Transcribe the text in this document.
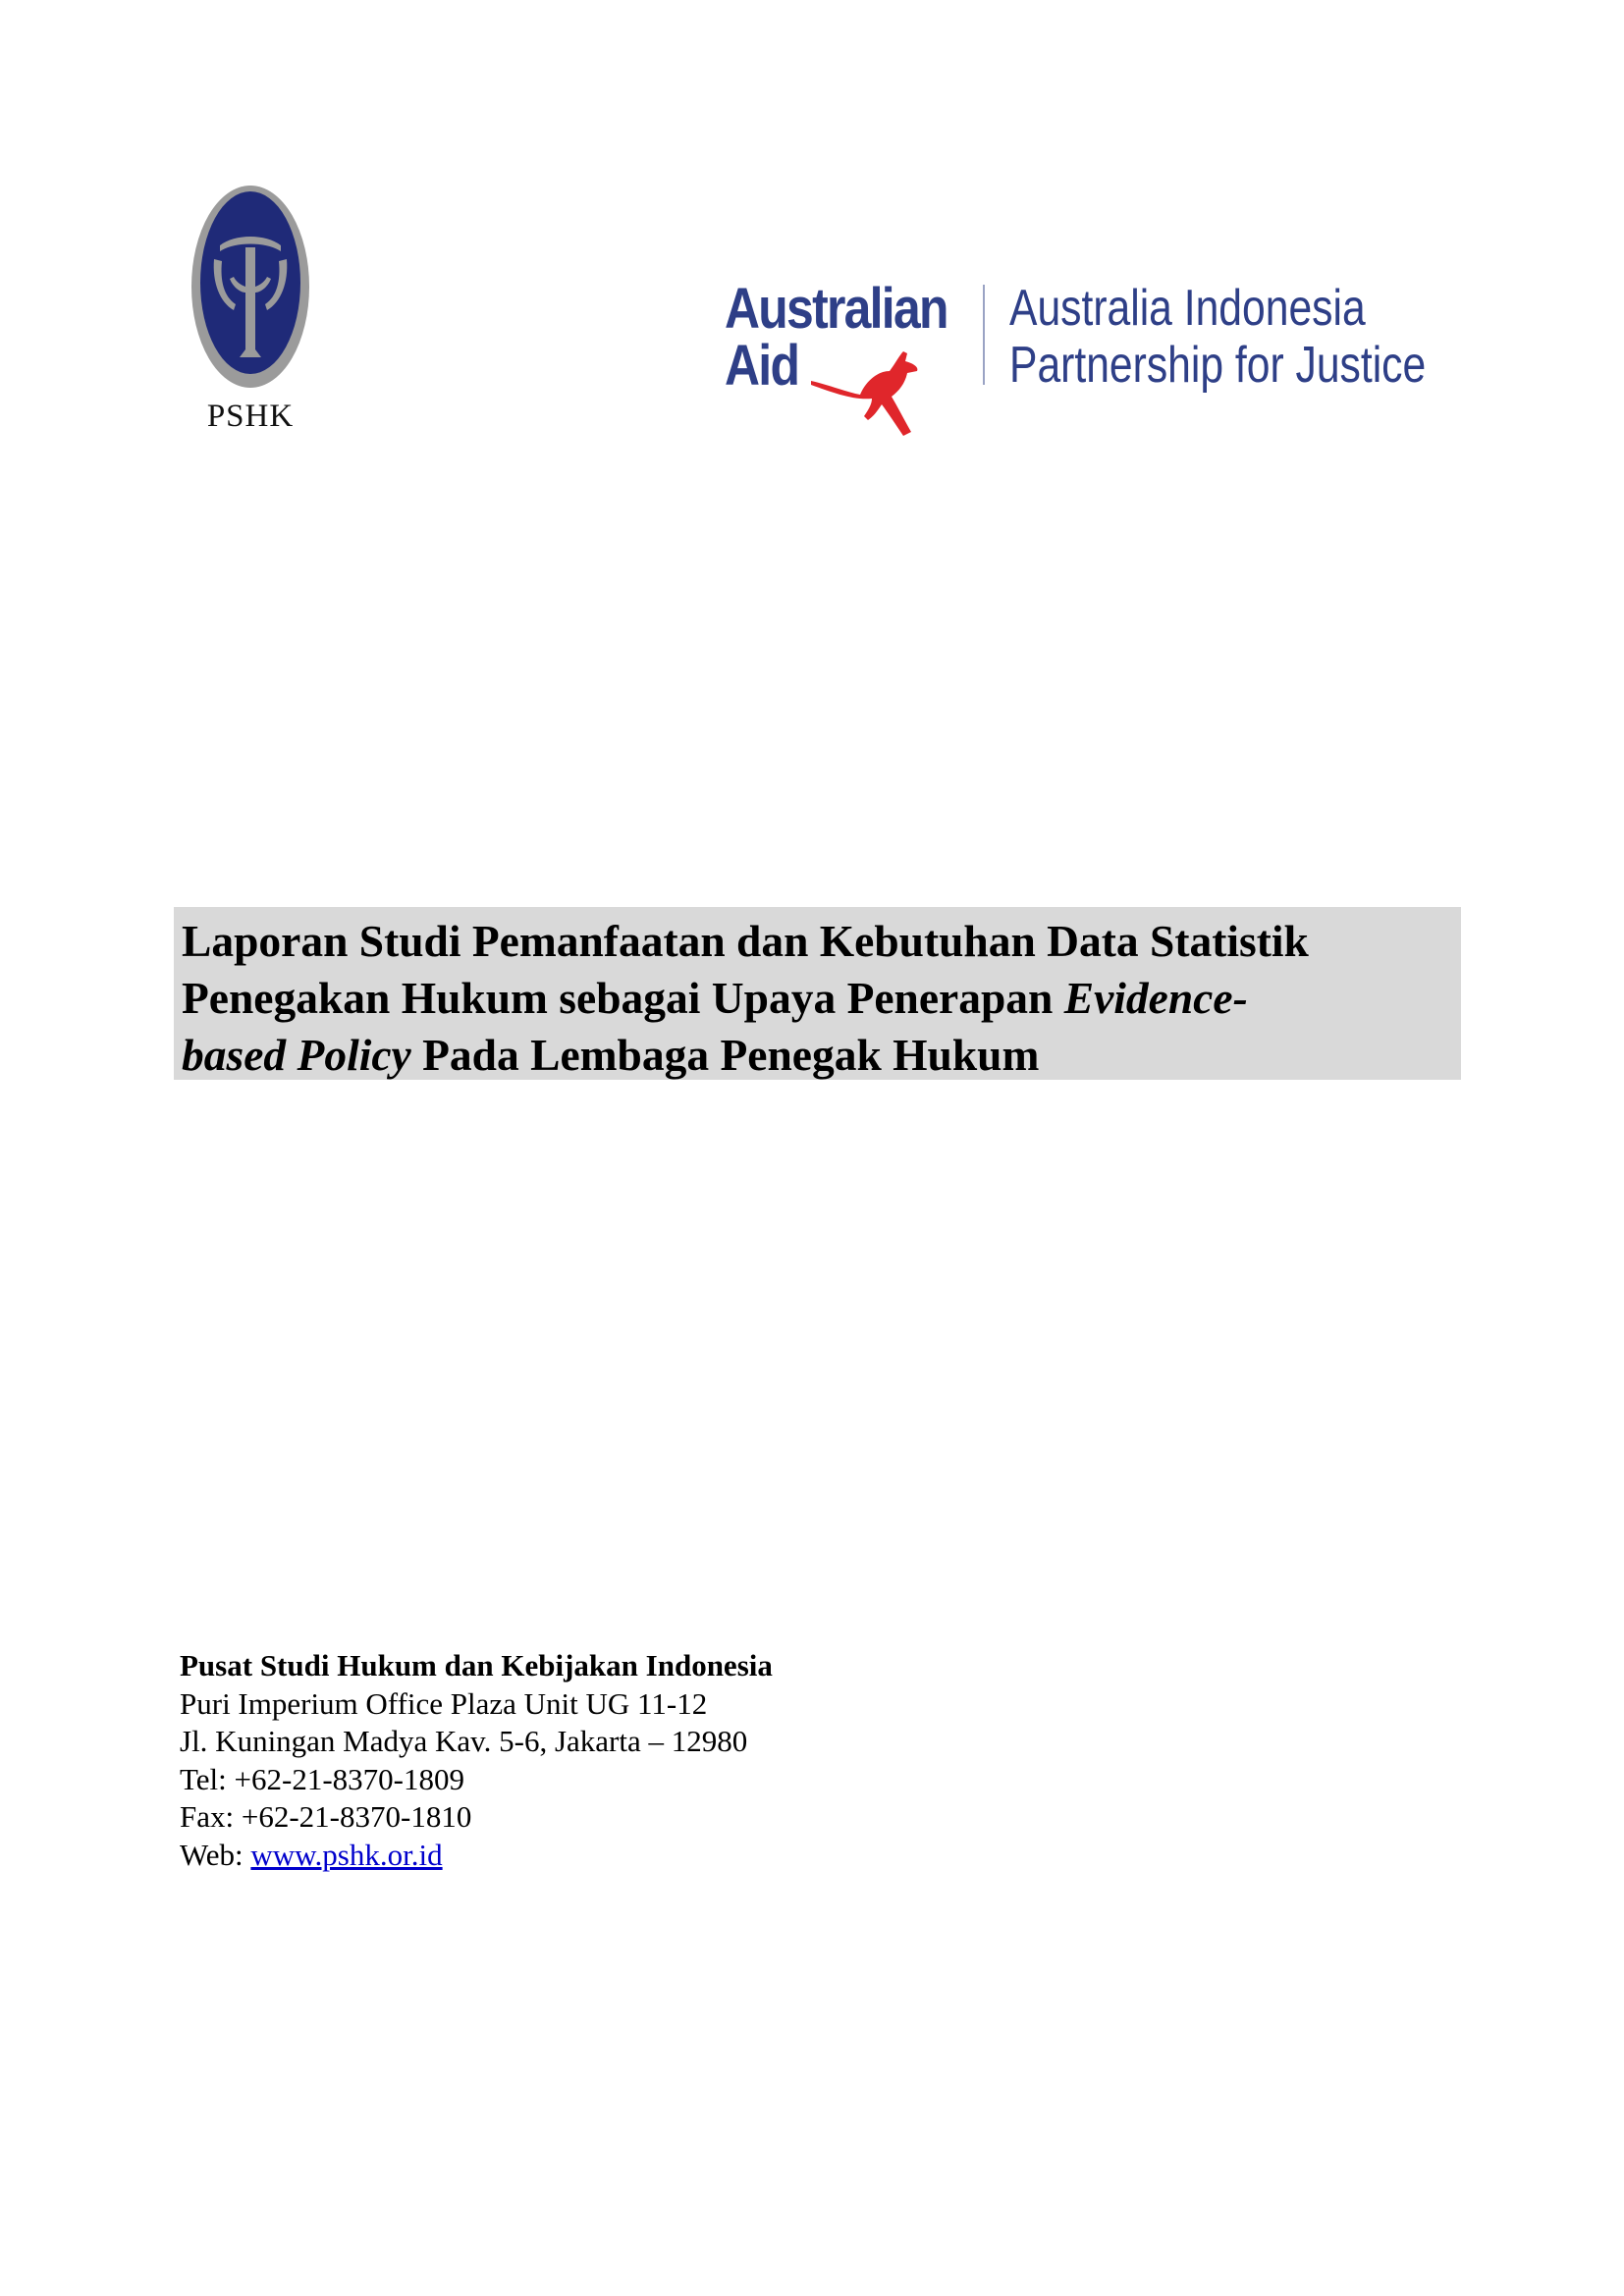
PSHK
Australian
Aid
Australia Indonesia
Partnership for Justice
Laporan Studi Pemanfaatan dan Kebutuhan Data Statistik
Penegakan Hukum sebagai Upaya Penerapan Evidence-
based Policy Pada Lembaga Penegak Hukum
Pusat Studi Hukum dan Kebijakan Indonesia
Puri Imperium Office Plaza Unit UG 11-12
Jl. Kuningan Madya Kav. 5-6, Jakarta – 12980
Tel: +62-21-8370-1809
Fax: +62-21-8370-1810
Web: www.pshk.or.id
